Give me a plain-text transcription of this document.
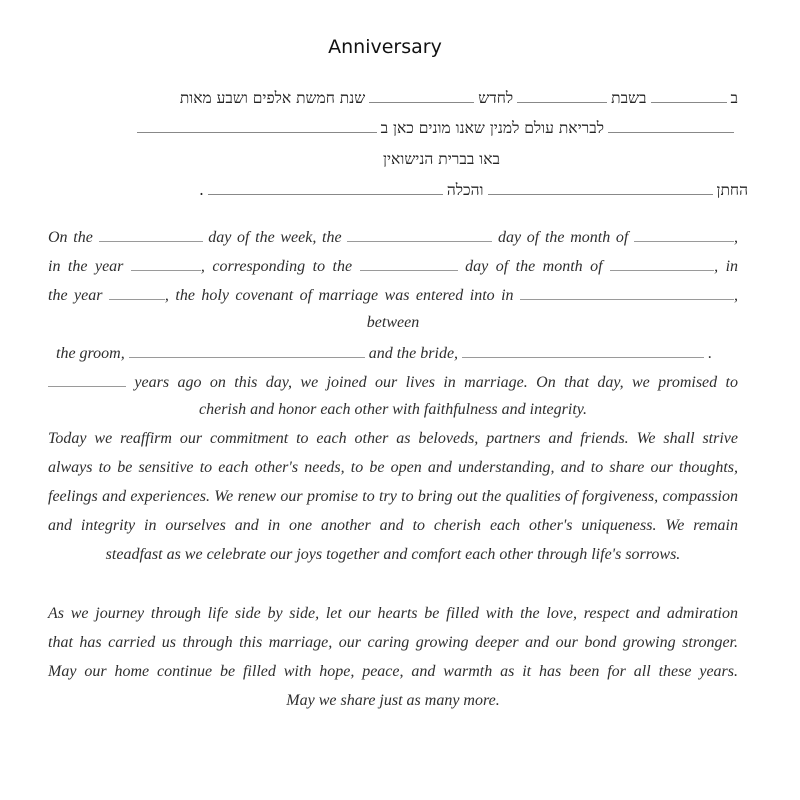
Anniversary
בבשבתלחדששנת חמשת אלפים ושבע מאות
לבריאת עולם למנין שאנו מונים כאן ב
באו בברית הנישואין
החתןוהכלה.
On the	day of the week, the	day of the month of	,
in the year	, corresponding to the	day of the month of	, in
the year	, the holy covenant of marriage was entered into in	,
between
the groom,	and the bride,	.
years ago on this day, we joined our lives in marriage. On that day, we promised to
cherish and honor each other with faithfulness and integrity.
Today we reaffirm our commitment to each other as beloveds, partners and friends. We shall strive
always to be sensitive to each other's needs, to be open and understanding, and to share our thoughts,
feelings and experiences. We renew our promise to try to bring out the qualities of forgiveness, compassion
and integrity in ourselves and in one another and to cherish each other's uniqueness. We remain
steadfast as we celebrate our joys together and comfort each other through life's sorrows.
As we journey through life side by side, let our hearts be filled with the love, respect and admiration
that has carried us through this marriage, our caring growing deeper and our bond growing stronger.
May our home continue be filled with hope, peace, and warmth as it has been for all these years.
May we share just as many more.
